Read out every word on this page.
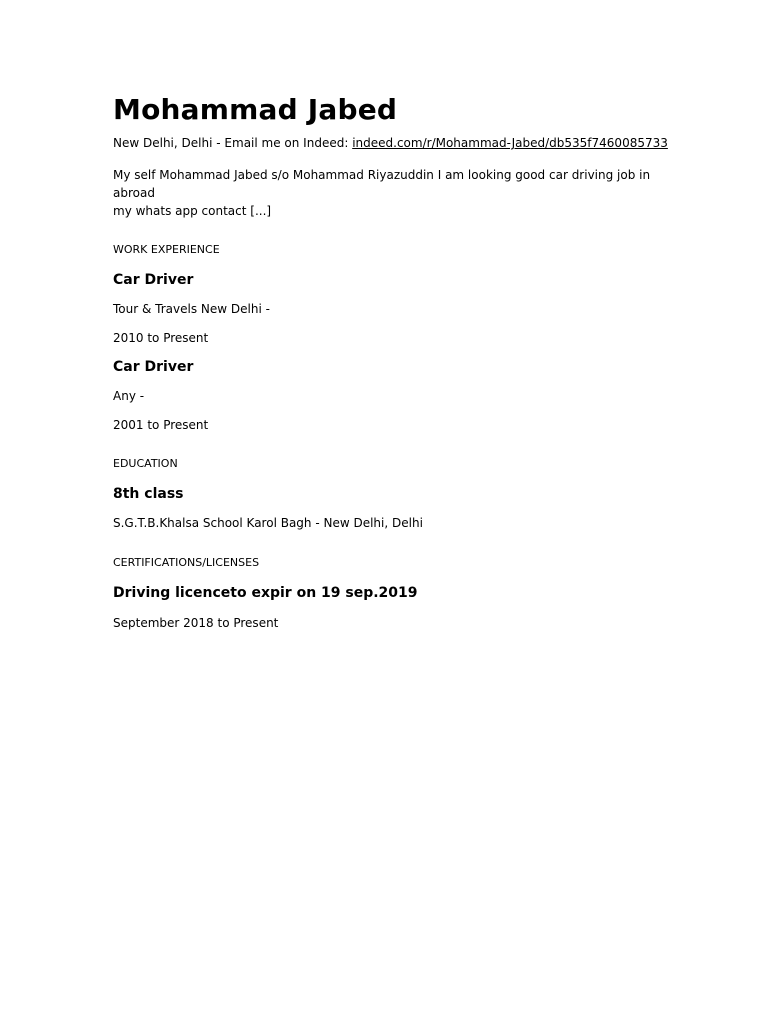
Mohammad Jabed
New Delhi, Delhi - Email me on Indeed: indeed.com/r/Mohammad-Jabed/db535f7460085733
My self Mohammad Jabed s/o Mohammad Riyazuddin I am looking good car driving job in abroad
my whats app contact [...]
WORK EXPERIENCE
Car Driver
Tour & Travels New Delhi -
2010 to Present
Car Driver
Any -
2001 to Present
EDUCATION
8th class
S.G.T.B.Khalsa School Karol Bagh - New Delhi, Delhi
CERTIFICATIONS/LICENSES
Driving licenceto expir on 19 sep.2019
September 2018 to Present
